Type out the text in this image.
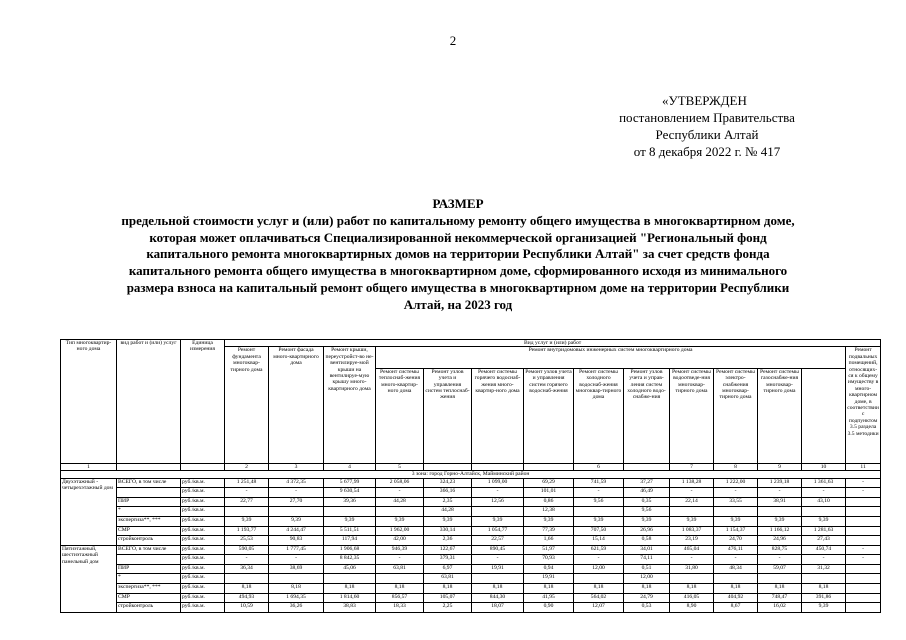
2
«УТВЕРЖДЕН
постановлением Правительства
Республики Алтай
от 8 декабря 2022 г. № 417
РАЗМЕР
предельной стоимости услуг и (или) работ по капитальному ремонту общего имущества в многоквартирном доме,
которая может оплачиваться Специализированной некоммерческой организацией "Региональный фонд
капитального ремонта многоквартирных домов на территории Республики Алтай" за счет средств фонда
капитального ремонта общего имущества в многоквартирном доме, сформированного исходя из минимального
размера взноса на капитальный ремонт общего имущества в многоквартирном доме на территории Республики
Алтай, на 2023 год
Тип многоквартир-ного дома	вид работ и (или) услуг	Единица измерения	Вид услуг и (или) работ														
			Ремонт фундамента многоквар-тирного дома	Ремонт фасада много-квартирного дома	Ремонт крыши, переустройст-во не-вентилируе-мой крыши на вентилируе-мую крышу много-квартирного дома	Ремонт внутридомовых инженерных систем многоквартирного дома										Ремонт подвальных помещений, относящих-ся к общему имуществу в много-квартирном доме, в соответствии с подпунктом 3.5 раздела 3.5 методики	
						Ремонт системы теплоснаб-жения много-квартир-ного дома	Ремонт узлов учета и управления систем теплоснаб-жения	Ремонт системы горячего водоснаб-жения много-квартир-ного дома	Ремонт узлов учета и управления систем горячего водоснаб-жения	Ремонт системы холодного водоснаб-жения многоквар-тирного дома	Ремонт узлов учета и управ-ления систем холодного водо-снабже-ния	Ремонт системы водоотведе-ния многоквар-тирного дома	Ремонт системы электро-снабжения многоквар-тирного дома	Ремонт системы газоснабже-ния многоквар-тирного дома			
1			2	3	4	5				6		7	8	9	10	11	
3 зона: город Горно-Алтайск, Майминский район																	
Двухэтажный - четырехэтажный дом	ВСЕГО, в том числе	руб./кв.м.	1 251,48	4 372,35	5 677,99	2 058,06	324,23	1 099,00	69,29	741,59	37,27	1 138,28	1 222,00	1 239,18	1 361,63	-	
		руб./кв.м.	-	-	9 630,54	-	366,16	-	101,01	-	46,49	-	-	-	-	-	
	ПИР	руб./кв.м.	22,77	27,70	39,36	44,28	2,35	12,56	0,86	9,56	0,35	22,14	33,55	38,91	43,10		
	*	руб./кв.м.					44,28		12,38		9,56						
	экспертиза**, ***	руб./кв.м.	9,39	9,39	9,39	9,39	9,39	9,39	9,39	9,39	9,39	9,39	9,39	9,39	9,39		
	СМР	руб./кв.м.	1 193,77	4 244,47	5 511,51	1 962,00	330,14	1 054,77	77,39	707,50	26,96	1 083,37	1 154,37	1 166,12	1 281,63		
	стройконтроль	руб./кв.м.	25,53	90,83	117,94	42,00	2,36	22,57	1,66	15,14	0,58	23,19	24,70	24,96	27,43		
Пятиэтажный, шестиэтажный панельный дом	ВСЕГО, в том числе	руб./кв.м.	590,05	1 777,45	1 906,68	946,39	122,67	890,45	51,97	621,59	34,01	465,04	476,11	828,75	450,74	-	
		руб./кв.м.	-	-	8 842,35	-	379,31	-	70,93	-	74,11	-	-	-	-	-	
	ПИР	руб./кв.м.	36,34	38,69	45,06	63,81	6,97	19,91	0,94	12,00	0,51	31,80	48,34	59,07	31,32		
	*	руб./кв.м.					63,81		19,91		12,00						
	экспертиза**, ***	руб./кв.м.	8,18	8,18	8,18	8,18	8,18	8,18	8,18	8,18	8,18	8,18	8,18	8,18	8,18		
	СМР	руб./кв.м.	494,93	1 694,35	1 814,60	856,57	105,07	844,30	41,95	564,02	24,79	416,05	404,92	748,47	391,86		
	стройконтроль	руб./кв.м.	10,59	36,26	38,83	18,33	2,25	18,07	0,90	12,07	0,53	8,90	8,67	16,02	9,39		
